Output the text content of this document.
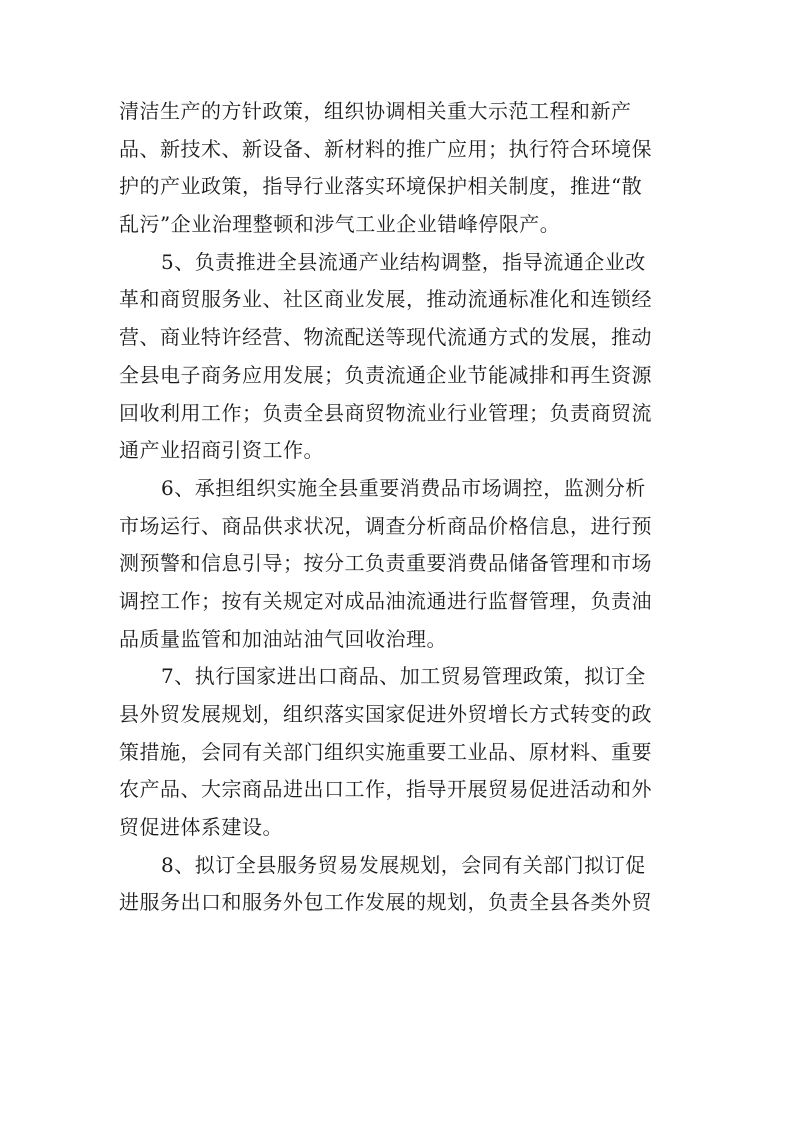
清洁生产的方针政策，组织协调相关重大示范工程和新产
品、新技术、新设备、新材料的推广应用；执行符合环境保
护的产业政策，指导行业落实环境保护相关制度，推进“散
乱污”企业治理整顿和涉气工业企业错峰停限产。
5、负责推进全县流通产业结构调整，指导流通企业改
革和商贸服务业、社区商业发展，推动流通标准化和连锁经
营、商业特许经营、物流配送等现代流通方式的发展，推动
全县电子商务应用发展；负责流通企业节能减排和再生资源
回收利用工作；负责全县商贸物流业行业管理；负责商贸流
通产业招商引资工作。
6、承担组织实施全县重要消费品市场调控，监测分析
市场运行、商品供求状况，调查分析商品价格信息，进行预
测预警和信息引导；按分工负责重要消费品储备管理和市场
调控工作；按有关规定对成品油流通进行监督管理，负责油
品质量监管和加油站油气回收治理。
7、执行国家进出口商品、加工贸易管理政策，拟订全
县外贸发展规划，组织落实国家促进外贸增长方式转变的政
策措施，会同有关部门组织实施重要工业品、原材料、重要
农产品、大宗商品进出口工作，指导开展贸易促进活动和外
贸促进体系建设。
8、拟订全县服务贸易发展规划，会同有关部门拟订促
进服务出口和服务外包工作发展的规划，负责全县各类外贸
